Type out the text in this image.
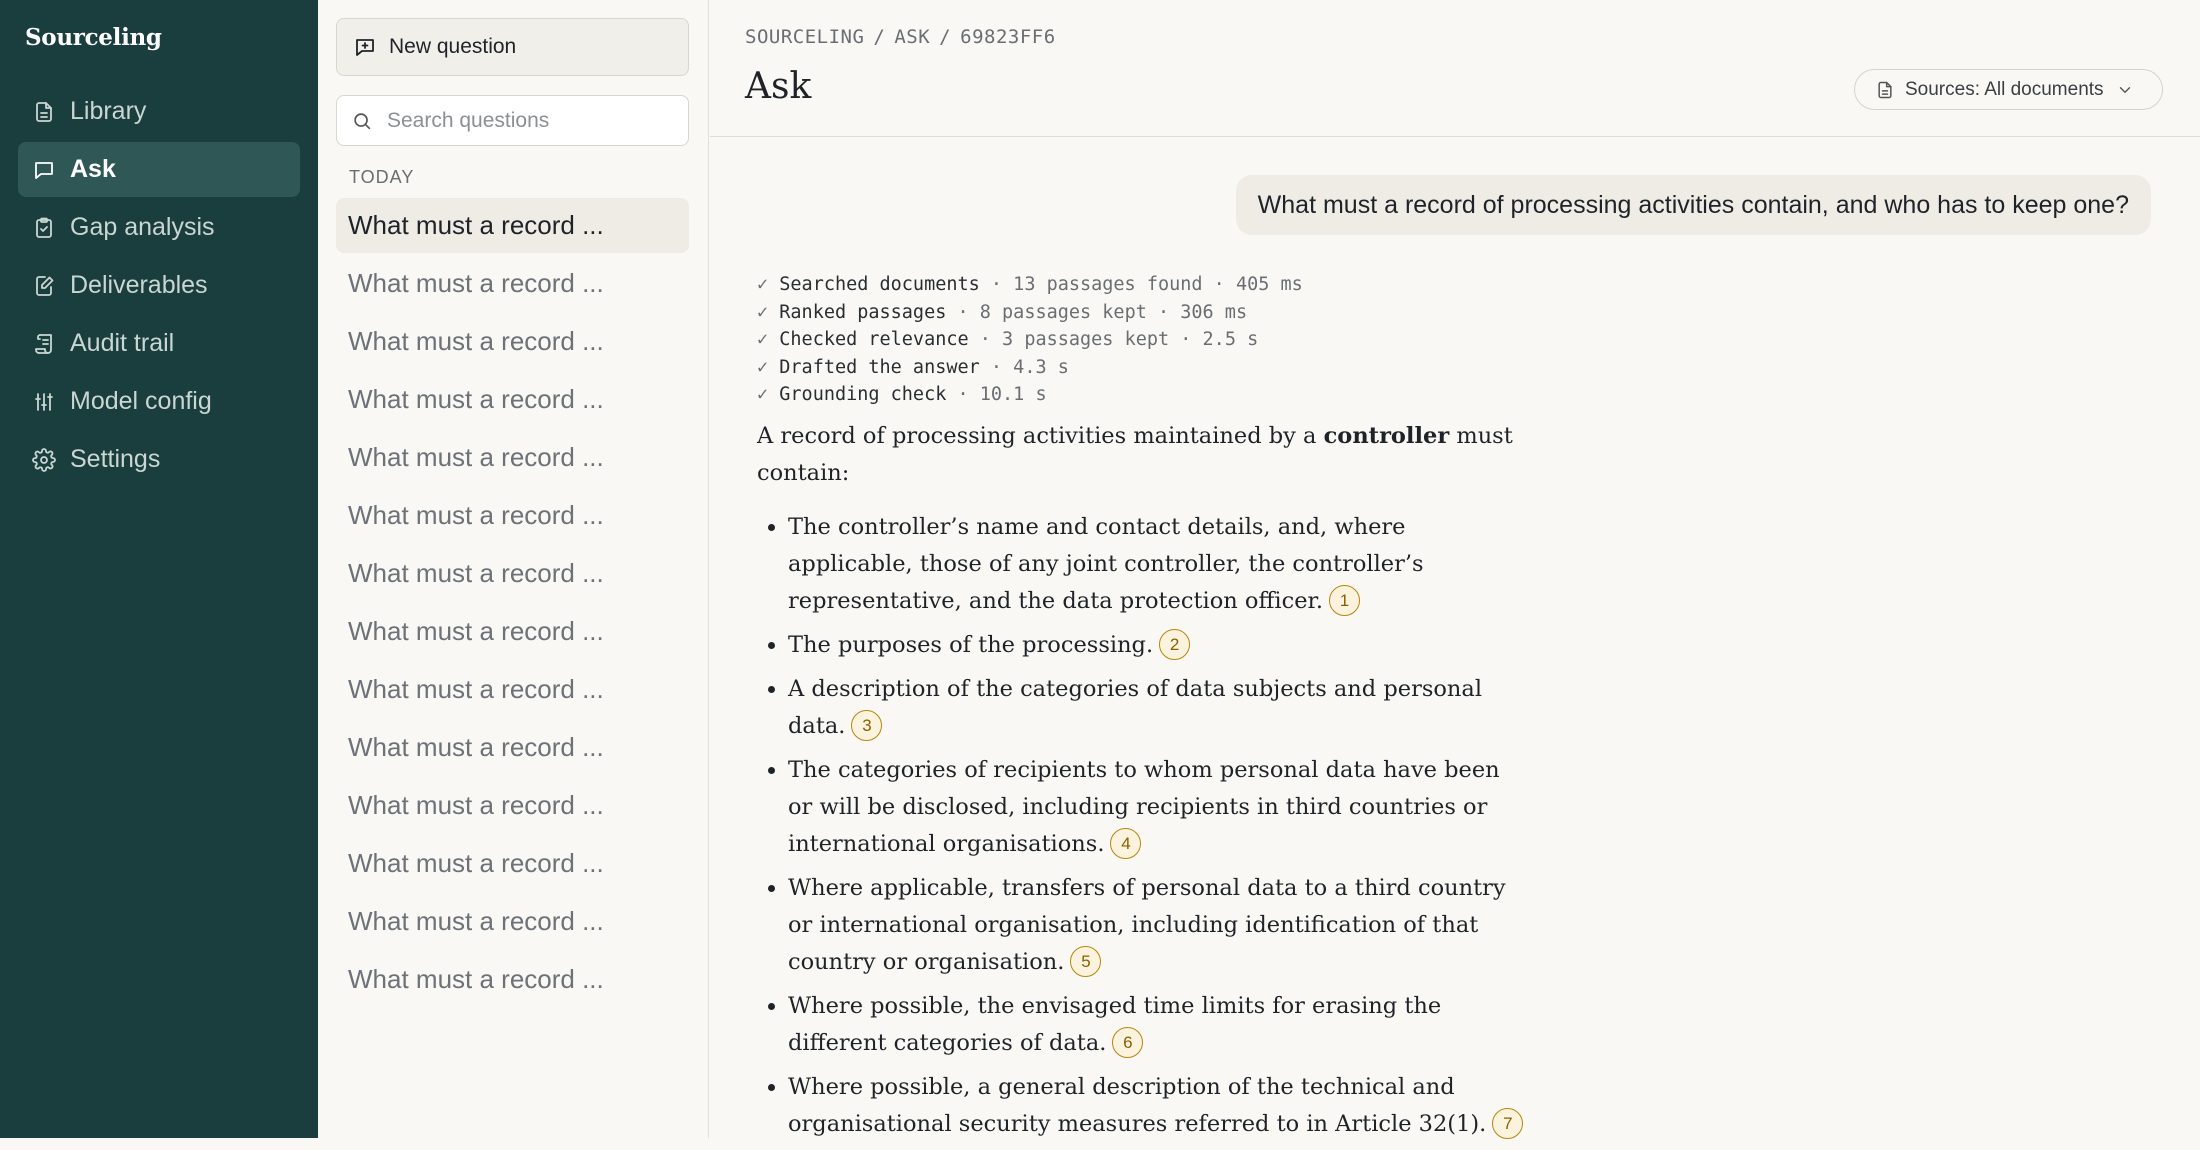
Sourceling
Library
Ask
Gap analysis
Deliverables
Audit trail
Model config
Settings
New question
Search questions
TODAY
What must a record ...
What must a record ...
What must a record ...
What must a record ...
What must a record ...
What must a record ...
What must a record ...
What must a record ...
What must a record ...
What must a record ...
What must a record ...
What must a record ...
What must a record ...
What must a record ...
SOURCELING / ASK / 69823FF6
Ask	Sources: All documents
What must a record of processing activities contain, and who has to keep one?
✓ Searched documents · 13 passages found · 405 ms
✓ Ranked passages · 8 passages kept · 306 ms
✓ Checked relevance · 3 passages kept · 2.5 s
✓ Drafted the answer · 4.3 s
✓ Grounding check · 10.1 s

A record of processing activities maintained by a controller must contain:

• The controller’s name and contact details, and, where applicable, those of any joint controller, the controller’s representative, and the data protection officer. 1
• The purposes of the processing. 2
• A description of the categories of data subjects and personal data. 3
• The categories of recipients to whom personal data have been or will be disclosed, including recipients in third countries or international organisations. 4
• Where applicable, transfers of personal data to a third country or international organisation, including identification of that country or organisation. 5
• Where possible, the envisaged time limits for erasing the different categories of data. 6
• Where possible, a general description of the technical and organisational security measures referred to in Article 32(1). 7
